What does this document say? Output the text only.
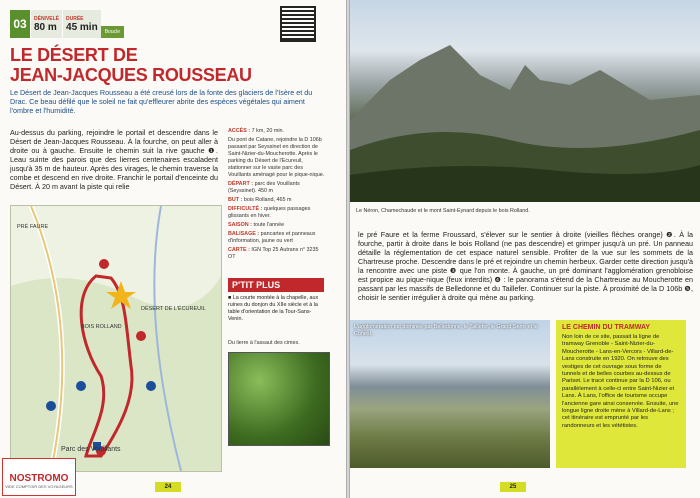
03	DÉNIVELÉ
80 m
DURÉE
45 min	Boucle
LE DÉSERT DE
JEAN-JACQUES ROUSSEAU
Le Désert de Jean-Jacques Rousseau a été creusé lors de la fonte des glaciers de l'Isère et du Drac. Ce beau défilé que le soleil ne fait qu'effleurer abrite des espèces végétales qui aiment l'ombre et l'humidité.
Au-dessus du parking, rejoindre le portail et descendre dans le Désert de Jean-Jacques Rousseau. À la fourche, on peut aller à droite ou à gauche. Ensuite le chemin suit la rive gauche ❶. Leau suinte des parois que des lierres centenaires escaladent jusqu'à 35 m de hauteur. Après des virages, le chemin traverse la combe et descend en rive droite. Franchir le portail d'enceinte du Désert. À 20 m avant la piste qui relie

ACCÈS : 7 km, 20 min.

Du pont de Catane, rejoindre la D 106b passant par Seyssinet en direction de Saint-Nizier-du-Moucherotte. Après le parking du Désert de l'Ecureuil, stationner sur le vaste parc des Vouillants aménagé pour le pique-nique.

DÉPART : parc des Vouillants (Seyssinet). 450 m

BUT : bois Rolland, 465 m

DIFFICULTÉ : quelques passages glissants en hiver.

SAISON : toute l'année

BALISAGE : pancartes et panneaux d'information, jaune ou vert

CARTE : IGN Top 25 Autrans n° 3235 OT

PRÉ FAURE
BOIS ROLLAND
DÉSERT DE L'ÉCUREUIL
Parc des Vouillants
P'TIT PLUS
■ La courte montée à la chapelle, aux ruines du donjon du XIIe siècle et à la table d'orientation de la Tour-Sans-Venin.
Du lierre à l'assaut des cimes.
24
NOSTROMO
VIDE COMPTOIR DES VOYAGEURS
Le Néron, Chamechaude et le mont Saint-Eynard depuis le bois Rolland.
le pré Faure et la ferme Froussard, s'élever sur le sentier à droite (vieilles flèches orange) ❷. À la fourche, partir à droite dans le bois Rolland (ne pas descendre) et grimper jusqu'à un pré. Un panneau détaille la réglementation de cet espace naturel sensible. Profiter de la vue sur les sommets de la Chartreuse proche. Descendre dans le pré et rejoindre un chemin herbeux. Garder cette direction jusqu'à la rencontre avec une piste ❸ que l'on monte. À gauche, un pré dominant l'agglomération grenobloise est propice au pique-nique (feux interdits) ❹ : le panorama s'étend de la Chartreuse au Moucherotte en passant par les massifs de Belledonne et du Taillefer. Continuer sur la piste. À proximité de la D 106b ❺, choisir le sentier irrégulier à droite qui mène au parking.
L'agglomération est dominée par Belledonne, le Taillefer, le Grand Serre et le Conest.
LE CHEMIN DU TRAMWAY
Non loin de ce site, passait la ligne de tramway Grenoble - Saint-Nizier-du-Moucherotte - Lans-en-Vercors - Villard-de-Lans construite en 1920. On retrouve des vestiges de cet ouvrage sous forme de tunnels et de belles courbes au-dessus de Pariset. Le tracé continue par la D 106, ou parallèlement à celle-ci entre Saint-Nizier et Lans. À Lans, l'office de tourisme occupe l'ancienne gare ainsi conservée. Ensuite, une longue ligne droite mène à Villard-de-Lans ; cet itinéraire est emprunté par les randonneurs et les vététistes.
25
